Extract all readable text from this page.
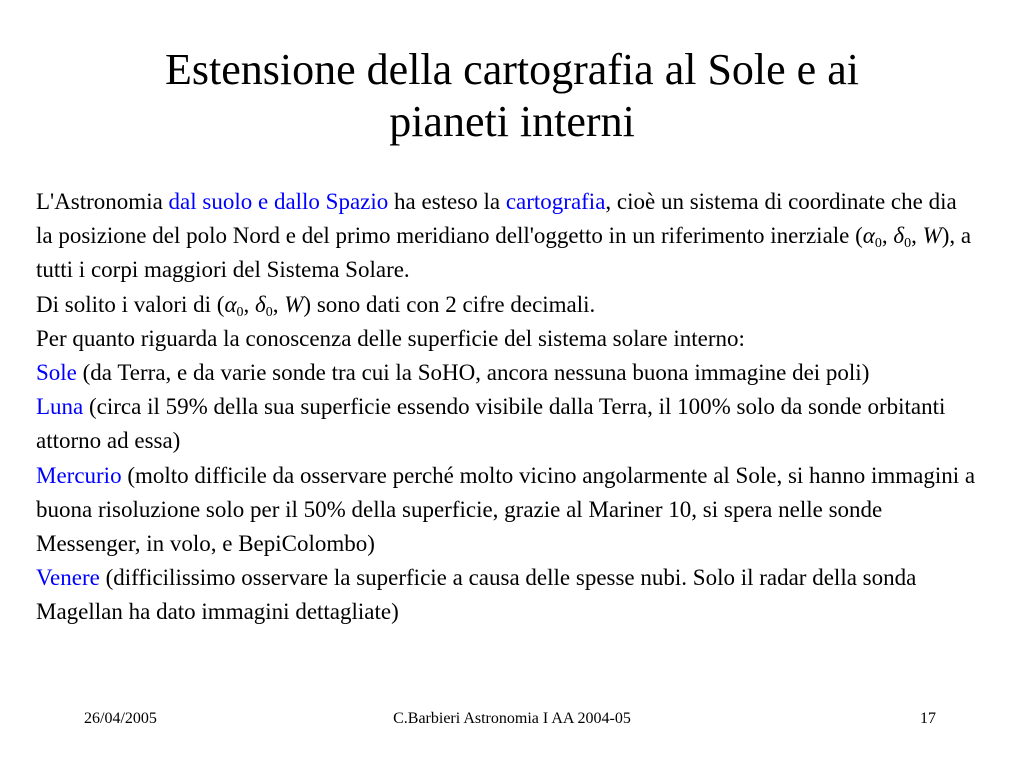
Estensione della cartografia al Sole e ai
pianeti interni

L'Astronomia dal suolo e dallo Spazio ha esteso la cartografia, cioè un sistema di coordinate che dia la posizione del polo Nord e del primo meridiano dell'oggetto in un riferimento inerziale ($\alpha_0$, $\delta_0$, W), a tutti i corpi maggiori del Sistema Solare.

Di solito i valori di ($\alpha_0$, $\delta_0$, W) sono dati con 2 cifre decimali.

Per quanto riguarda la conoscenza delle superficie del sistema solare interno:

Sole (da Terra, e da varie sonde tra cui la SoHO, ancora nessuna buona immagine dei poli)

Luna (circa il 59% della sua superficie essendo visibile dalla Terra, il 100% solo da sonde orbitanti attorno ad essa)

Mercurio (molto difficile da osservare perché molto vicino angolarmente al Sole, si hanno immagini a buona risoluzione solo per il 50% della superficie, grazie al Mariner 10, si spera nelle sonde Messenger, in volo, e BepiColombo)

Venere (difficilissimo osservare la superficie a causa delle spesse nubi. Solo il radar della sonda Magellan ha dato immagini dettagliate)

26/04/2005	C.Barbieri Astronomia I AA 2004-05	17
